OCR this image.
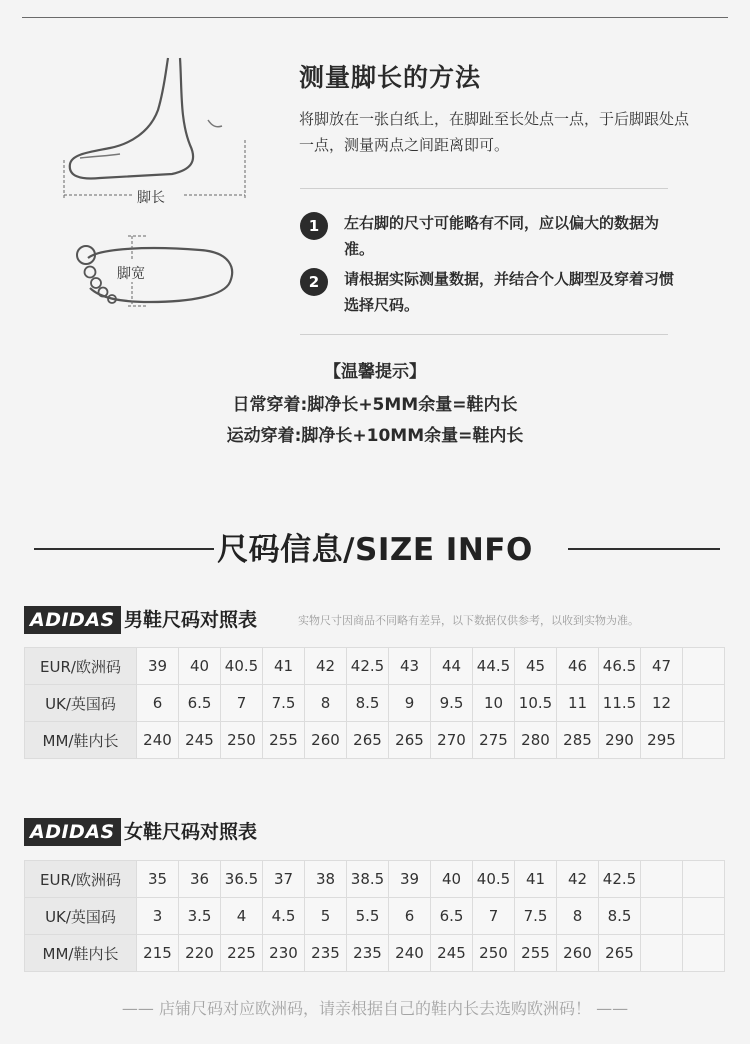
脚长
脚宽
测量脚长的方法
将脚放在一张白纸上，在脚趾至长处点一点，于后脚跟处点一点，测量两点之间距离即可。
1	左右脚的尺寸可能略有不同，应以偏大的数据为准。
2	请根据实际测量数据，并结合个人脚型及穿着习惯选择尺码。
【温馨提示】
日常穿着:脚净长+5MM余量=鞋内长
运动穿着:脚净长+10MM余量=鞋内长
尺码信息/SIZE INFO
ADIDAS 男鞋尺码对照表	实物尺寸因商品不同略有差异，以下数据仅供参考，以收到实物为准。
EUR/欧洲码	39	40	40.5	41	42	42.5	43	44	44.5	45	46	46.5	47	
UK/英国码	6	6.5	7	7.5	8	8.5	9	9.5	10	10.5	11	11.5	12	
MM/鞋内长	240	245	250	255	260	265	265	270	275	280	285	290	295	
ADIDAS 女鞋尺码对照表
EUR/欧洲码	35	36	36.5	37	38	38.5	39	40	40.5	41	42	42.5		
UK/英国码	3	3.5	4	4.5	5	5.5	6	6.5	7	7.5	8	8.5		
MM/鞋内长	215	220	225	230	235	235	240	245	250	255	260	265		
—— 店铺尺码对应欧洲码，请亲根据自己的鞋内长去选购欧洲码！ ——
